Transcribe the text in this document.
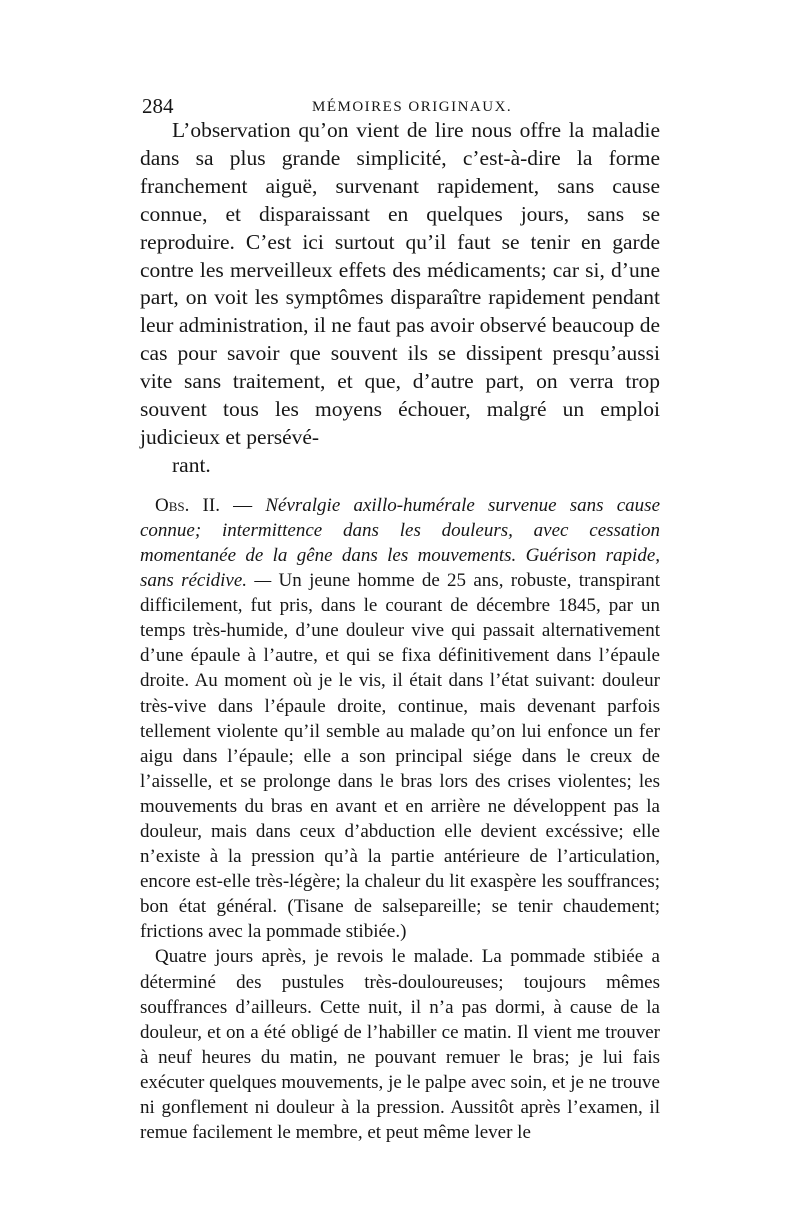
284	MÉMOIRES ORIGINAUX.

L’observation qu’on vient de lire nous offre la maladie dans sa plus grande simplicité, c’est-à-dire la forme franchement aiguë, survenant rapidement, sans cause connue, et disparaissant en quelques jours, sans se reproduire. C’est ici surtout qu’il faut se tenir en garde contre les merveilleux effets des médicaments; car si, d’une part, on voit les symptômes disparaître rapidement pendant leur administration, il ne faut pas avoir observé beaucoup de cas pour savoir que souvent ils se dissipent presqu’aussi vite sans traitement, et que, d’autre part, on verra trop souvent tous les moyens échouer, malgré un emploi judicieux et persévé-
rant.

Obs. II. — Névralgie axillo-humérale survenue sans cause connue; intermittence dans les douleurs, avec cessation momentanée de la gêne dans les mouvements. Guérison rapide, sans récidive. — Un jeune homme de 25 ans, robuste, transpirant difficilement, fut pris, dans le courant de décembre 1845, par un temps très-humide, d’une douleur vive qui passait alternativement d’une épaule à l’autre, et qui se fixa définitivement dans l’épaule droite. Au moment où je le vis, il était dans l’état suivant: douleur très-vive dans l’épaule droite, continue, mais devenant parfois tellement violente qu’il semble au malade qu’on lui enfonce un fer aigu dans l’épaule; elle a son principal siége dans le creux de l’aisselle, et se prolonge dans le bras lors des crises violentes; les mouvements du bras en avant et en arrière ne développent pas la douleur, mais dans ceux d’abduction elle devient excéssive; elle n’existe à la pression qu’à la partie antérieure de l’articulation, encore est-elle très-légère; la chaleur du lit exaspère les souffrances; bon état général. (Tisane de salsepareille; se tenir chaudement; frictions avec la pommade stibiée.)

Quatre jours après, je revois le malade. La pommade stibiée a déterminé des pustules très-douloureuses; toujours mêmes souffrances d’ailleurs. Cette nuit, il n’a pas dormi, à cause de la douleur, et on a été obligé de l’habiller ce matin. Il vient me trouver à neuf heures du matin, ne pouvant remuer le bras; je lui fais exécuter quelques mouvements, je le palpe avec soin, et je ne trouve ni gonflement ni douleur à la pression. Aussitôt après l’examen, il remue facilement le membre, et peut même lever le
